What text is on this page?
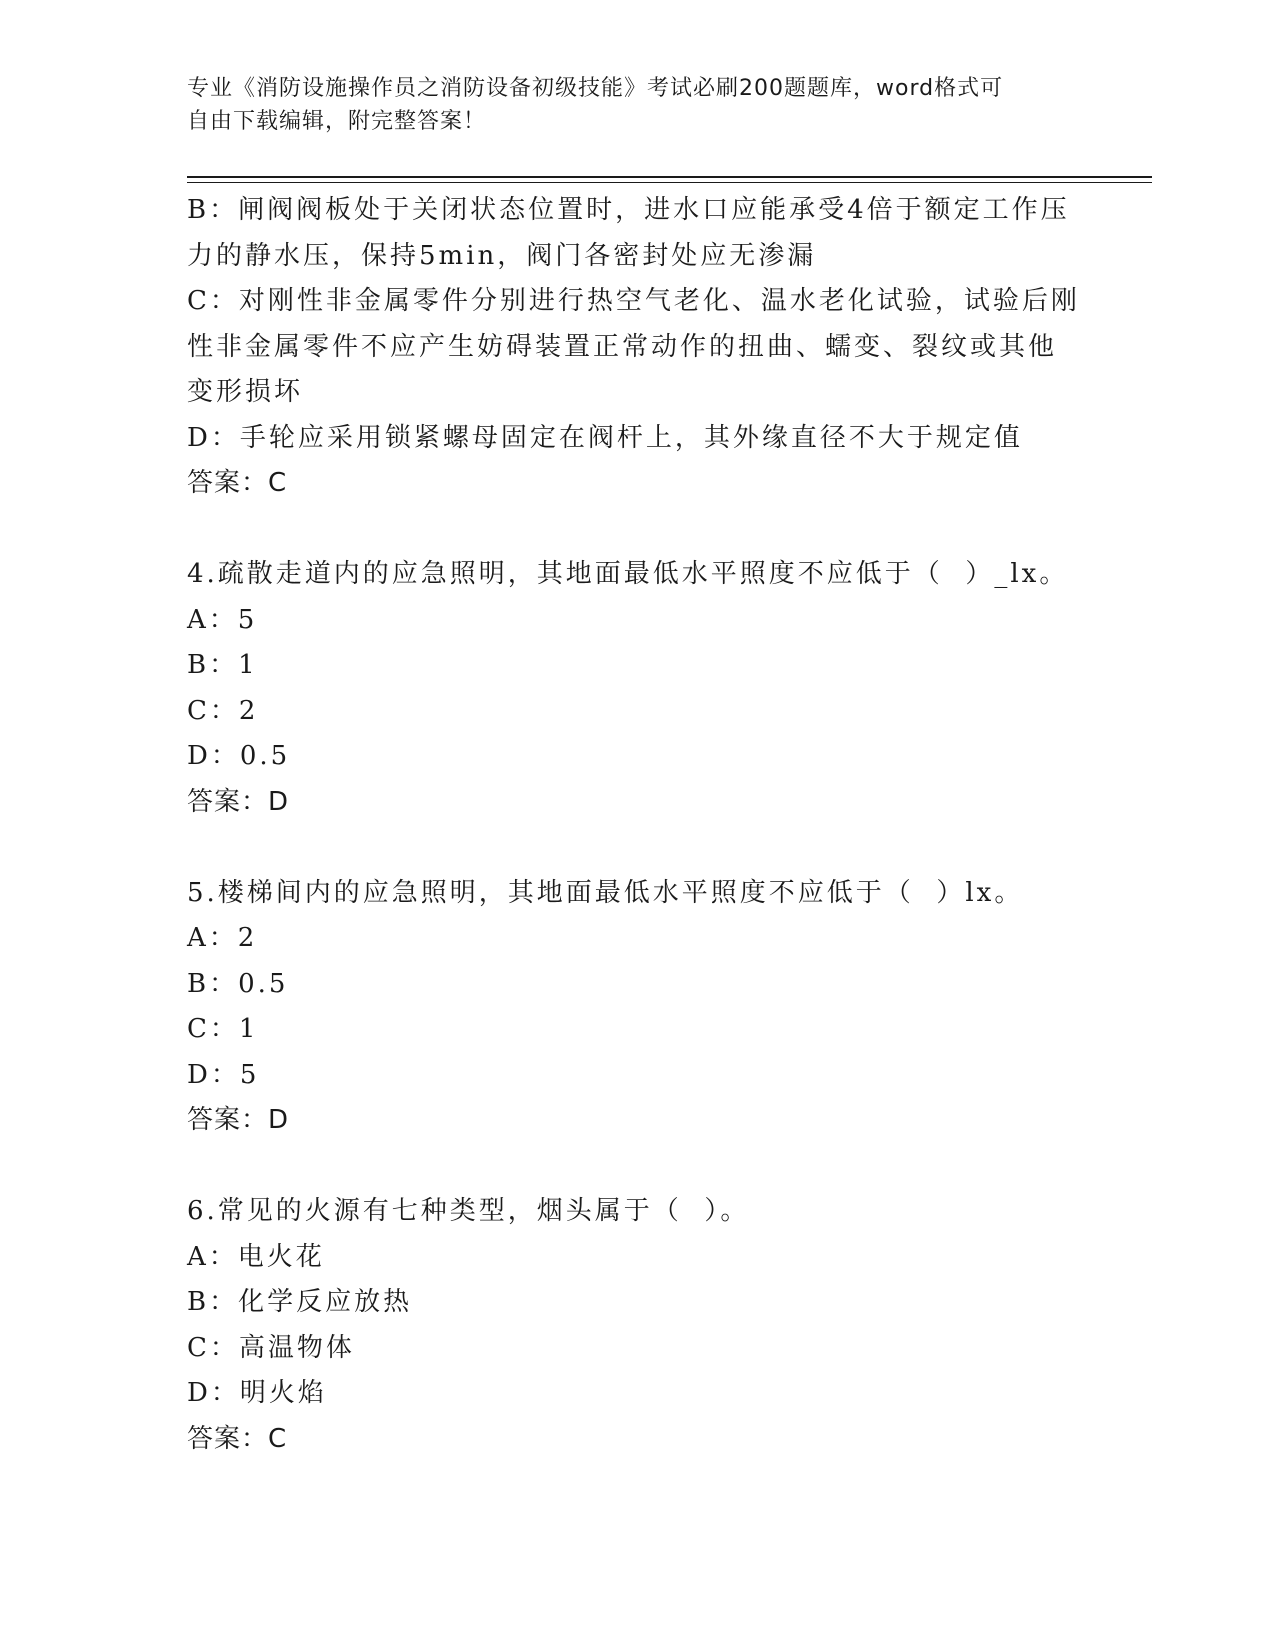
专业《消防设施操作员之消防设备初级技能》考试必刷200题题库，word格式可
自由下载编辑，附完整答案！
B：闸阀阀板处于关闭状态位置时，进水口应能承受4倍于额定工作压
力的静水压，保持5min，阀门各密封处应无渗漏
C：对刚性非金属零件分别进行热空气老化、温水老化试验，试验后刚
性非金属零件不应产生妨碍装置正常动作的扭曲、蠕变、裂纹或其他
变形损坏
D：手轮应采用锁紧螺母固定在阀杆上，其外缘直径不大于规定值
答案：C
4.疏散走道内的应急照明，其地面最低水平照度不应低于（  ）_lx。
A：5
B：1
C：2
D：0.5
答案：D
5.楼梯间内的应急照明，其地面最低水平照度不应低于（  ）lx。
A：2
B：0.5
C：1
D：5
答案：D
6.常见的火源有七种类型，烟头属于（  ）。
A：电火花
B：化学反应放热
C：高温物体
D：明火焰
答案：C
